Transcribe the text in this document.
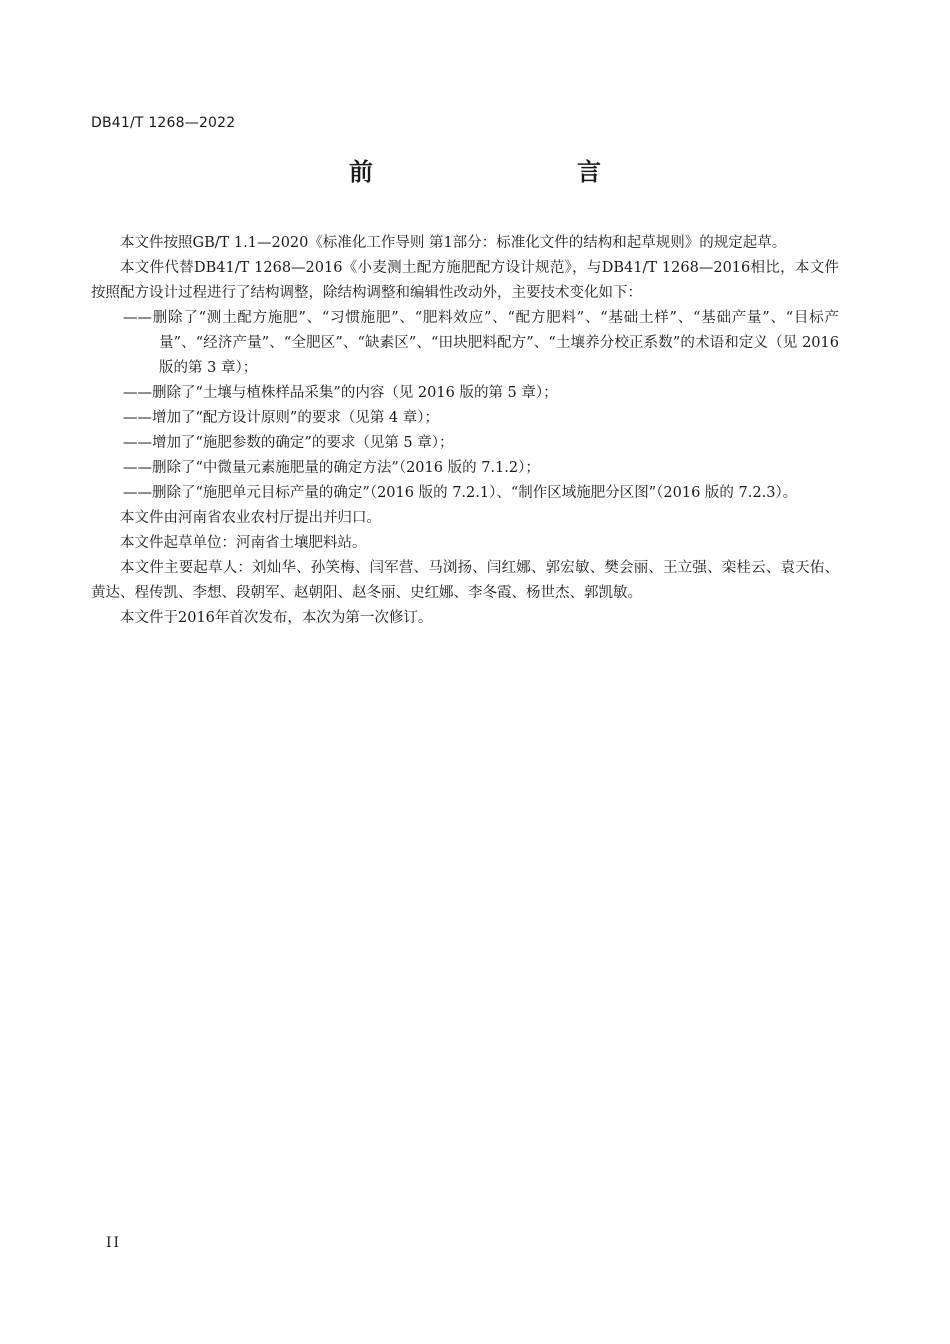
DB41/T 1268—2022
前　　言

本文件按照GB/T 1.1—2020《标准化工作导则 第1部分：标准化文件的结构和起草规则》的规定起草。

本文件代替DB41/T 1268—2016《小麦测土配方施肥配方设计规范》，与DB41/T 1268—2016相比，本文件按照配方设计过程进行了结构调整，除结构调整和编辑性改动外，主要技术变化如下：

——删除了“测土配方施肥”、“习惯施肥”、“肥料效应”、“配方肥料”、“基础土样”、“基础产量”、“目标产量”、“经济产量”、“全肥区”、“缺素区”、“田块肥料配方”、“土壤养分校正系数”的术语和定义（见 2016 版的第 3 章）；

——删除了“土壤与植株样品采集”的内容（见 2016 版的第 5 章）；

——增加了“配方设计原则”的要求（见第 4 章）；

——增加了“施肥参数的确定”的要求（见第 5 章）；

——删除了“中微量元素施肥量的确定方法”（2016 版的 7.1.2）；

——删除了“施肥单元目标产量的确定”（2016 版的 7.2.1）、“制作区域施肥分区图”（2016 版的 7.2.3）。

本文件由河南省农业农村厅提出并归口。

本文件起草单位：河南省土壤肥料站。

本文件主要起草人：刘灿华、孙笑梅、闫军营、马浏扬、闫红娜、郭宏敏、樊会丽、王立强、栾桂云、袁天佑、黄达、程传凯、李想、段朝军、赵朝阳、赵冬丽、史红娜、李冬霞、杨世杰、郭凯敏。

本文件于2016年首次发布，本次为第一次修订。

II
